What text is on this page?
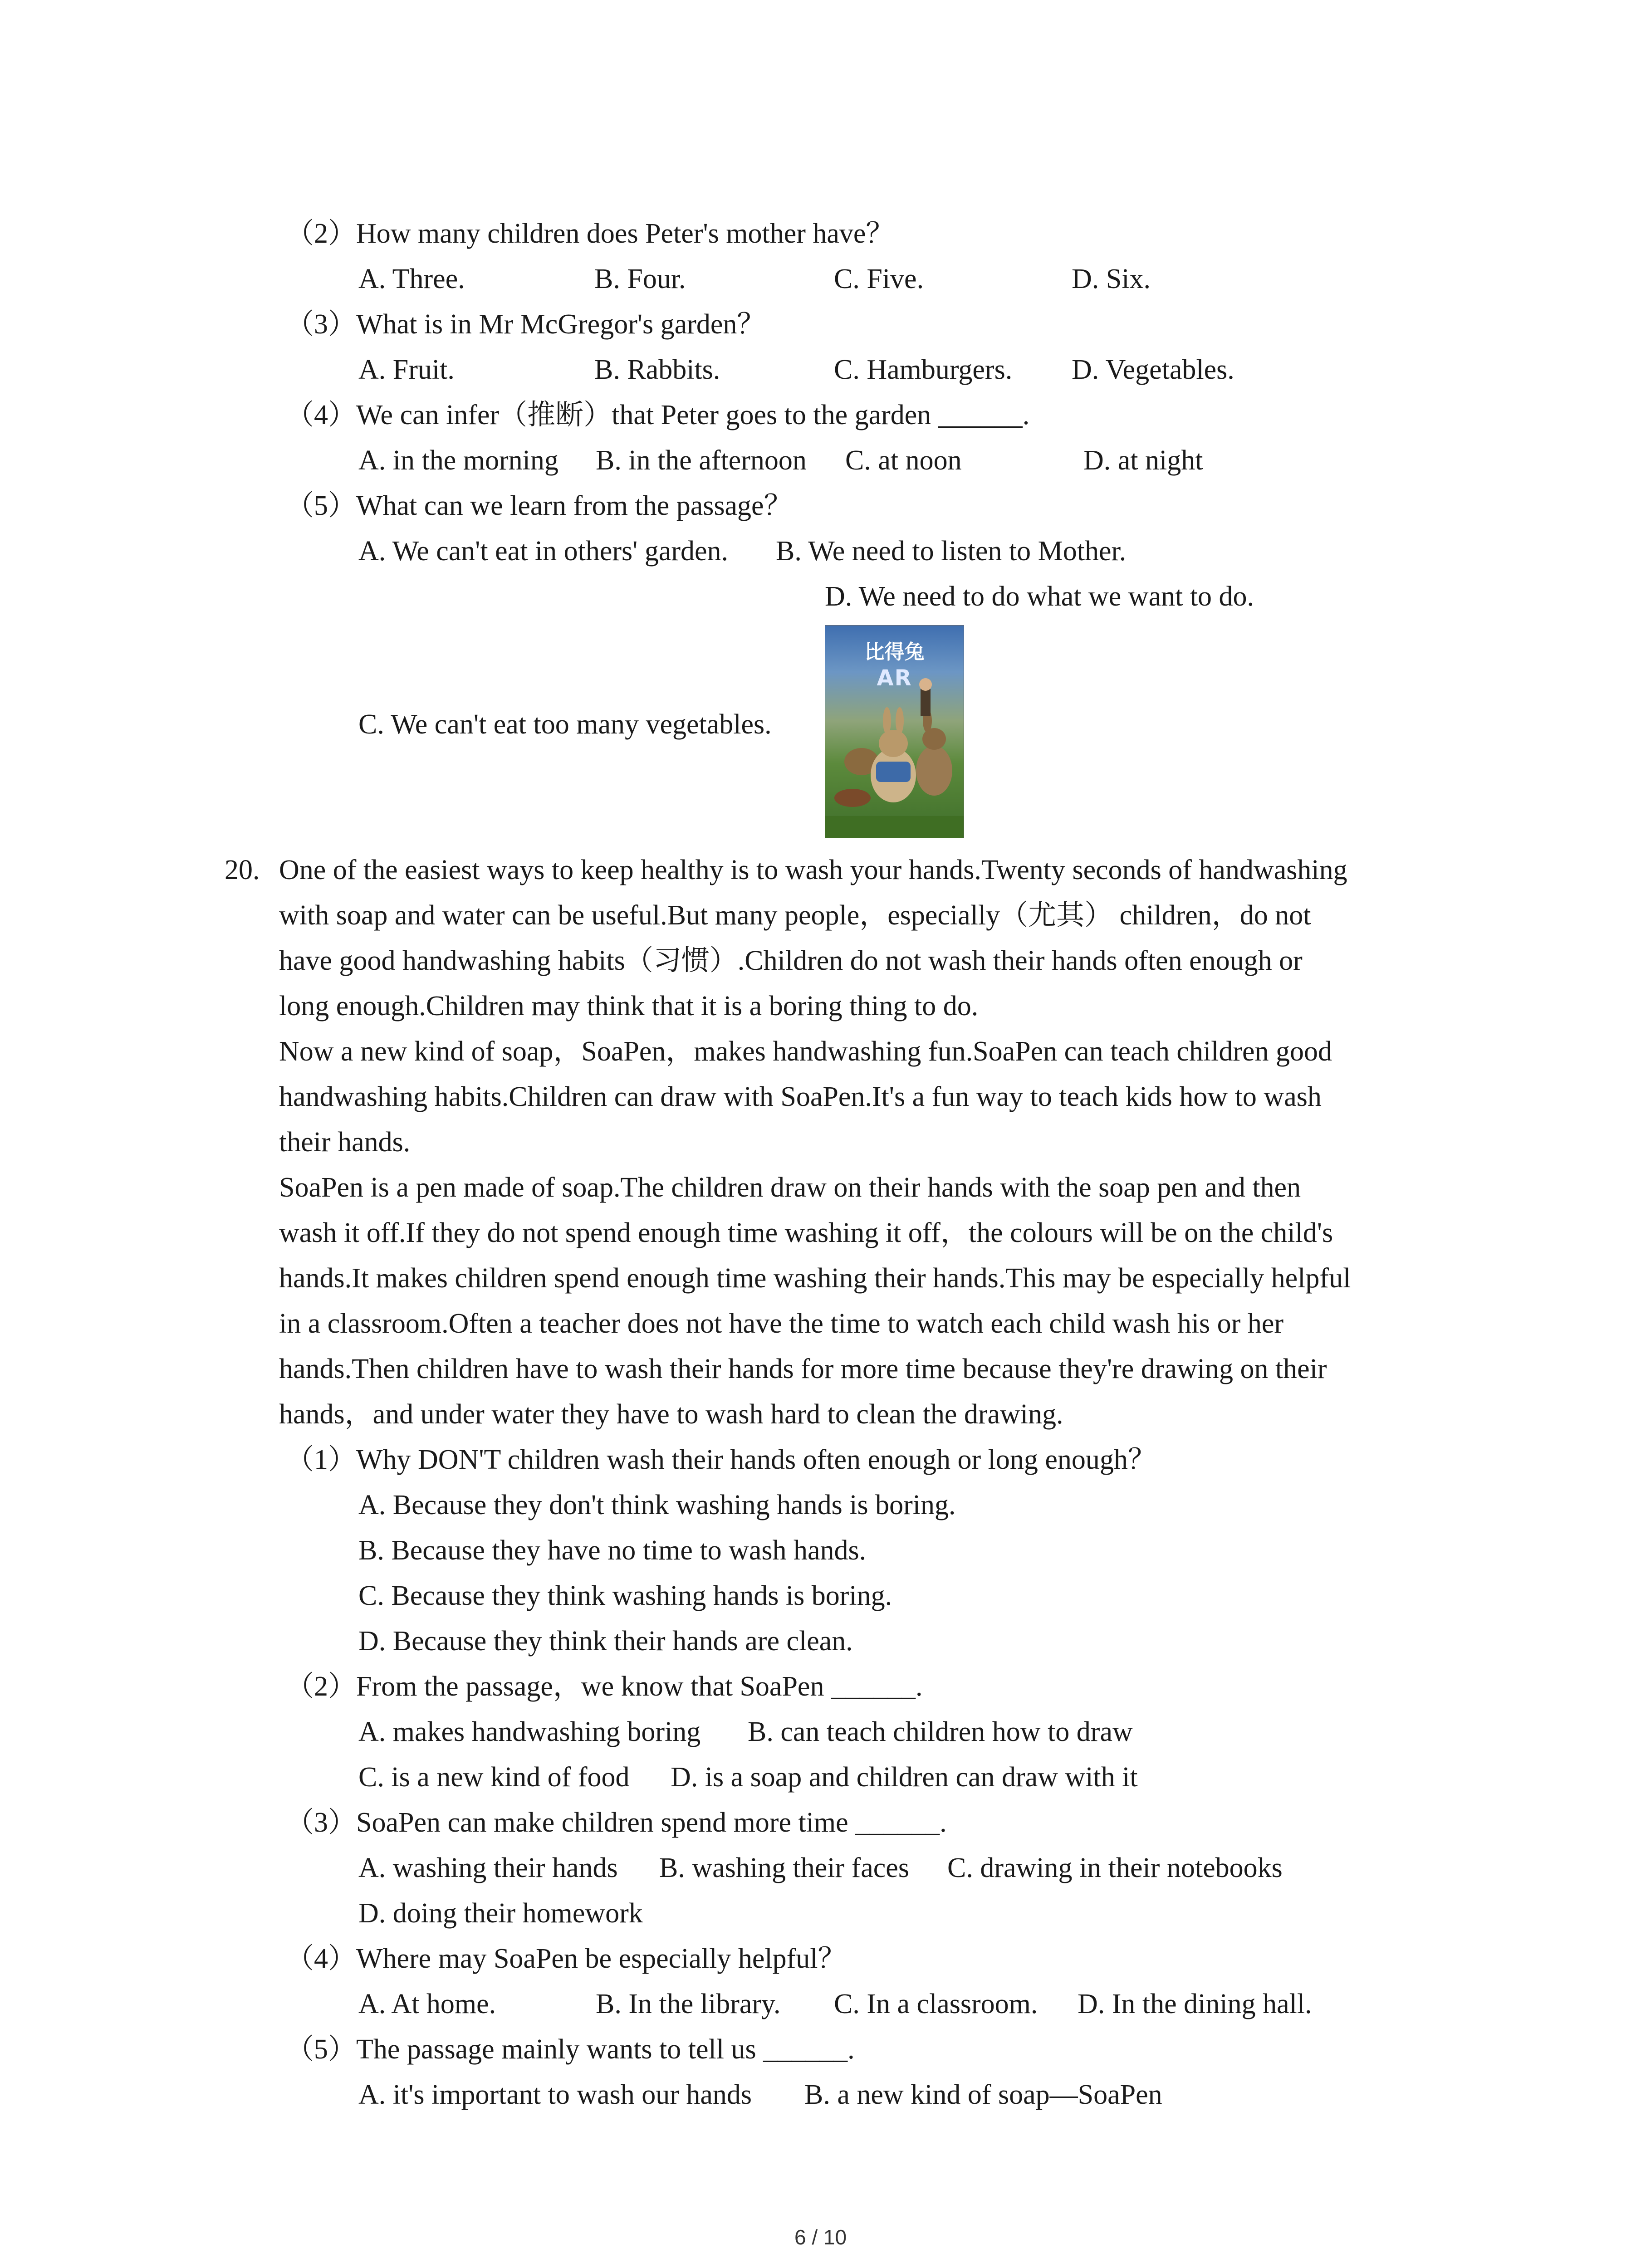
（2）How many children does Peter's mother have？
A. Three.	B. Four.	C. Five.	D. Six.
（3）What is in Mr McGregor's garden？
A. Fruit.	B. Rabbits.	C. Hamburgers. D. Vegetables.
（4）We can infer（推断）that Peter goes to the garden ______.
A. in the morning B. in the afternoon C. at noon	D. at night
（5）What can we learn from the passage？
A. We can't eat in others' garden. B. We need to listen to Mother.
D. We need to do what we want to do.
C. We can't eat too many vegetables.
比得兔
AR
20. One of the easiest ways to keep healthy is to wash your hands.Twenty seconds of handwashing
with soap and water can be useful.But many people，especially（尤其） children，do not
have good handwashing habits（习惯）.Children do not wash their hands often enough or
long enough.Children may think that it is a boring thing to do.
Now a new kind of soap，SoaPen，makes handwashing fun.SoaPen can teach children good
handwashing habits.Children can draw with SoaPen.It's a fun way to teach kids how to wash
their hands.
SoaPen is a pen made of soap.The children draw on their hands with the soap pen and then
wash it off.If they do not spend enough time washing it off，the colours will be on the child's
hands.It makes children spend enough time washing their hands.This may be especially helpful
in a classroom.Often a teacher does not have the time to watch each child wash his or her
hands.Then children have to wash their hands for more time because they're drawing on their
hands，and under water they have to wash hard to clean the drawing.
（1）Why DON'T children wash their hands often enough or long enough？
A. Because they don't think washing hands is boring.
B. Because they have no time to wash hands.
C. Because they think washing hands is boring.
D. Because they think their hands are clean.
（2）From the passage，we know that SoaPen ______.
A. makes handwashing boring B. can teach children how to draw
C. is a new kind of food D. is a soap and children can draw with it
（3）SoaPen can make children spend more time ______.
A. washing their hands B. washing their faces C. drawing in their notebooks
D. doing their homework
（4）Where may SoaPen be especially helpful？
A. At home.	B. In the library. C. In a classroom. D. In the dining hall.
（5）The passage mainly wants to tell us ______.
A. it's important to wash our hands B. a new kind of soap—SoaPen
6 / 10
